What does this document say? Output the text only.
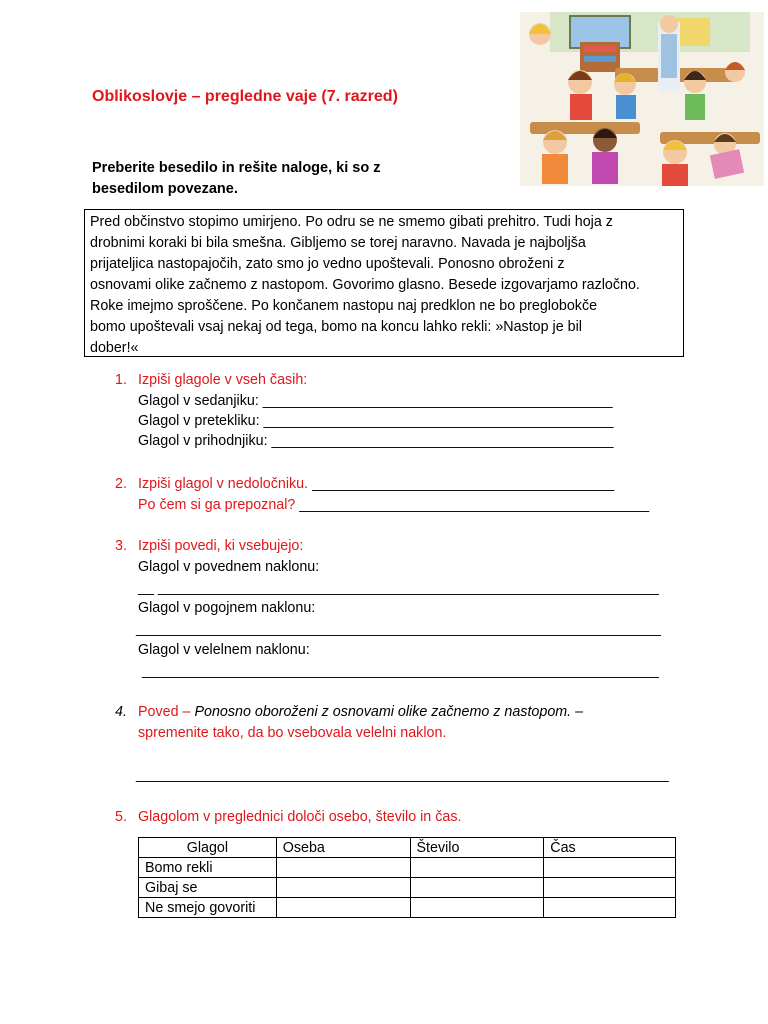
Oblikoslovje – pregledne vaje (7. razred)
Preberite besedilo in rešite naloge, ki so z besedilom povezane.
Pred občinstvo stopimo umirjeno. Po odru se ne smemo gibati prehitro. Tudi hoja z
drobnimi koraki bi bila smešna. Gibljemo se torej naravno. Navada je najboljša
prijateljica nastopajočih, zato smo jo vedno upoštevali. Ponosno obroženi z
osnovami olike začnemo z nastopom. Govorimo glasno. Besede izgovarjamo razločno.
Roke imejmo sproščene. Po končanem nastopu naj predklon ne bo preglobokče
bomo upoštevali vsaj nekaj od tega, bomo na koncu lahko rekli: »Nastop je bil
dober!«
1. Izpiši glagole v vseh časih:
Glagol v sedanjiku: ____________________________________________
Glagol v pretekliku: ____________________________________________
Glagol v prihodnjiku: ___________________________________________
2. Izpiši glagol v nedoločniku. ______________________________________
Po čem si ga prepoznal? ____________________________________________
3. Izpiši povedi, ki vsebujejo:
Glagol v povednem naklonu:
__ _______________________________________________________________
Glagol v pogojnem naklonu:
__________________________________________________________________
Glagol v velelnem naklonu:
_________________________________________________________________
4. Poved – Ponosno oboroženi z osnovami olike začnemo z nastopom. –
spremenite tako, da bo vsebovala velelni naklon.
___________________________________________________________________
5. Glagolom v preglednici določi osebo, število in čas.
Glagol	Oseba	Število	Čas
Bomo rekli			
Gibaj se			
Ne smejo govoriti			
